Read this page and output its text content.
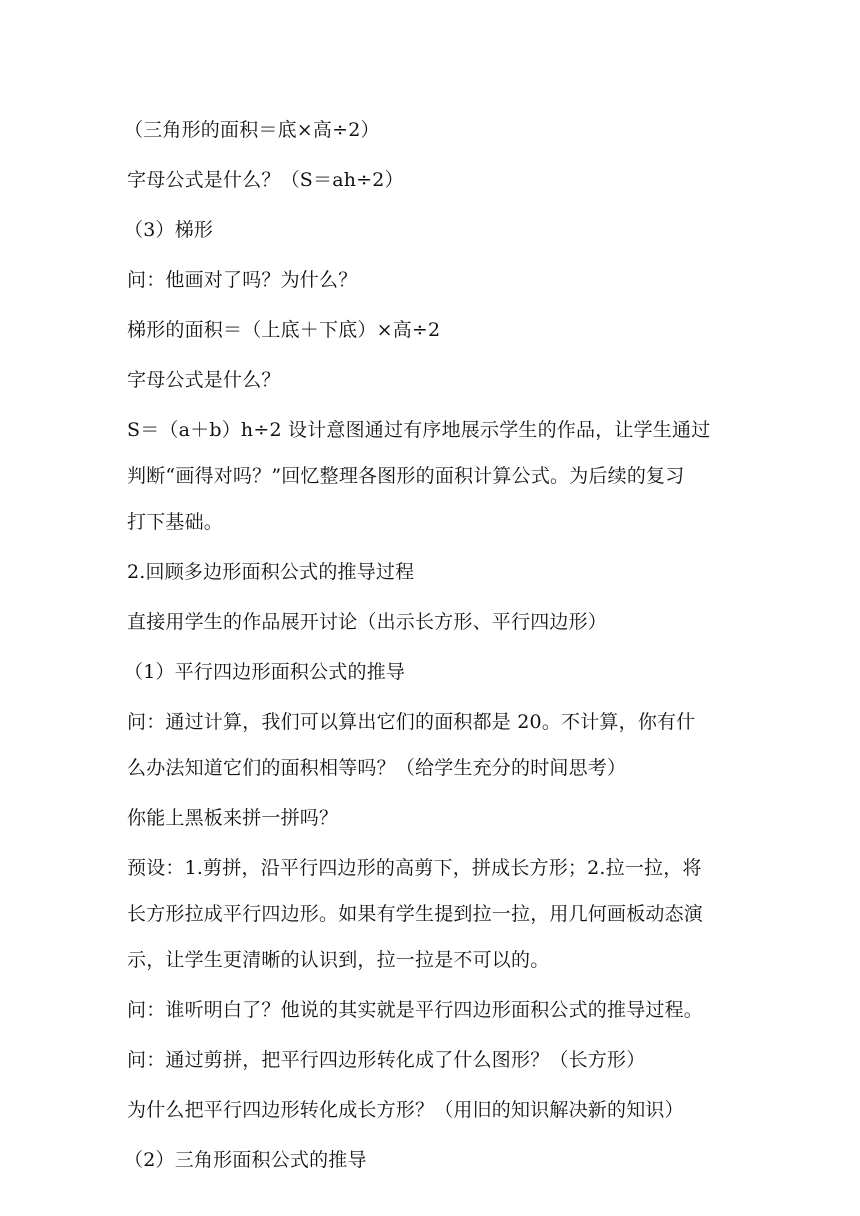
（三角形的面积＝底×高÷2）
字母公式是什么？（S＝ah÷2）
（3）梯形
问：他画对了吗？为什么？
梯形的面积＝（上底＋下底）×高÷2
字母公式是什么？
S＝（a＋b）h÷2 设计意图通过有序地展示学生的作品，让学生通过
判断“画得对吗？”回忆整理各图形的面积计算公式。为后续的复习
打下基础。
2.回顾多边形面积公式的推导过程
直接用学生的作品展开讨论（出示长方形、平行四边形）
（1）平行四边形面积公式的推导
问：通过计算，我们可以算出它们的面积都是 20。不计算，你有什
么办法知道它们的面积相等吗？（给学生充分的时间思考）
你能上黑板来拼一拼吗？
预设：1.剪拼，沿平行四边形的高剪下，拼成长方形；2.拉一拉，将
长方形拉成平行四边形。如果有学生提到拉一拉，用几何画板动态演
示，让学生更清晰的认识到，拉一拉是不可以的。
问：谁听明白了？他说的其实就是平行四边形面积公式的推导过程。
问：通过剪拼，把平行四边形转化成了什么图形？（长方形）
为什么把平行四边形转化成长方形？（用旧的知识解决新的知识）
（2）三角形面积公式的推导
